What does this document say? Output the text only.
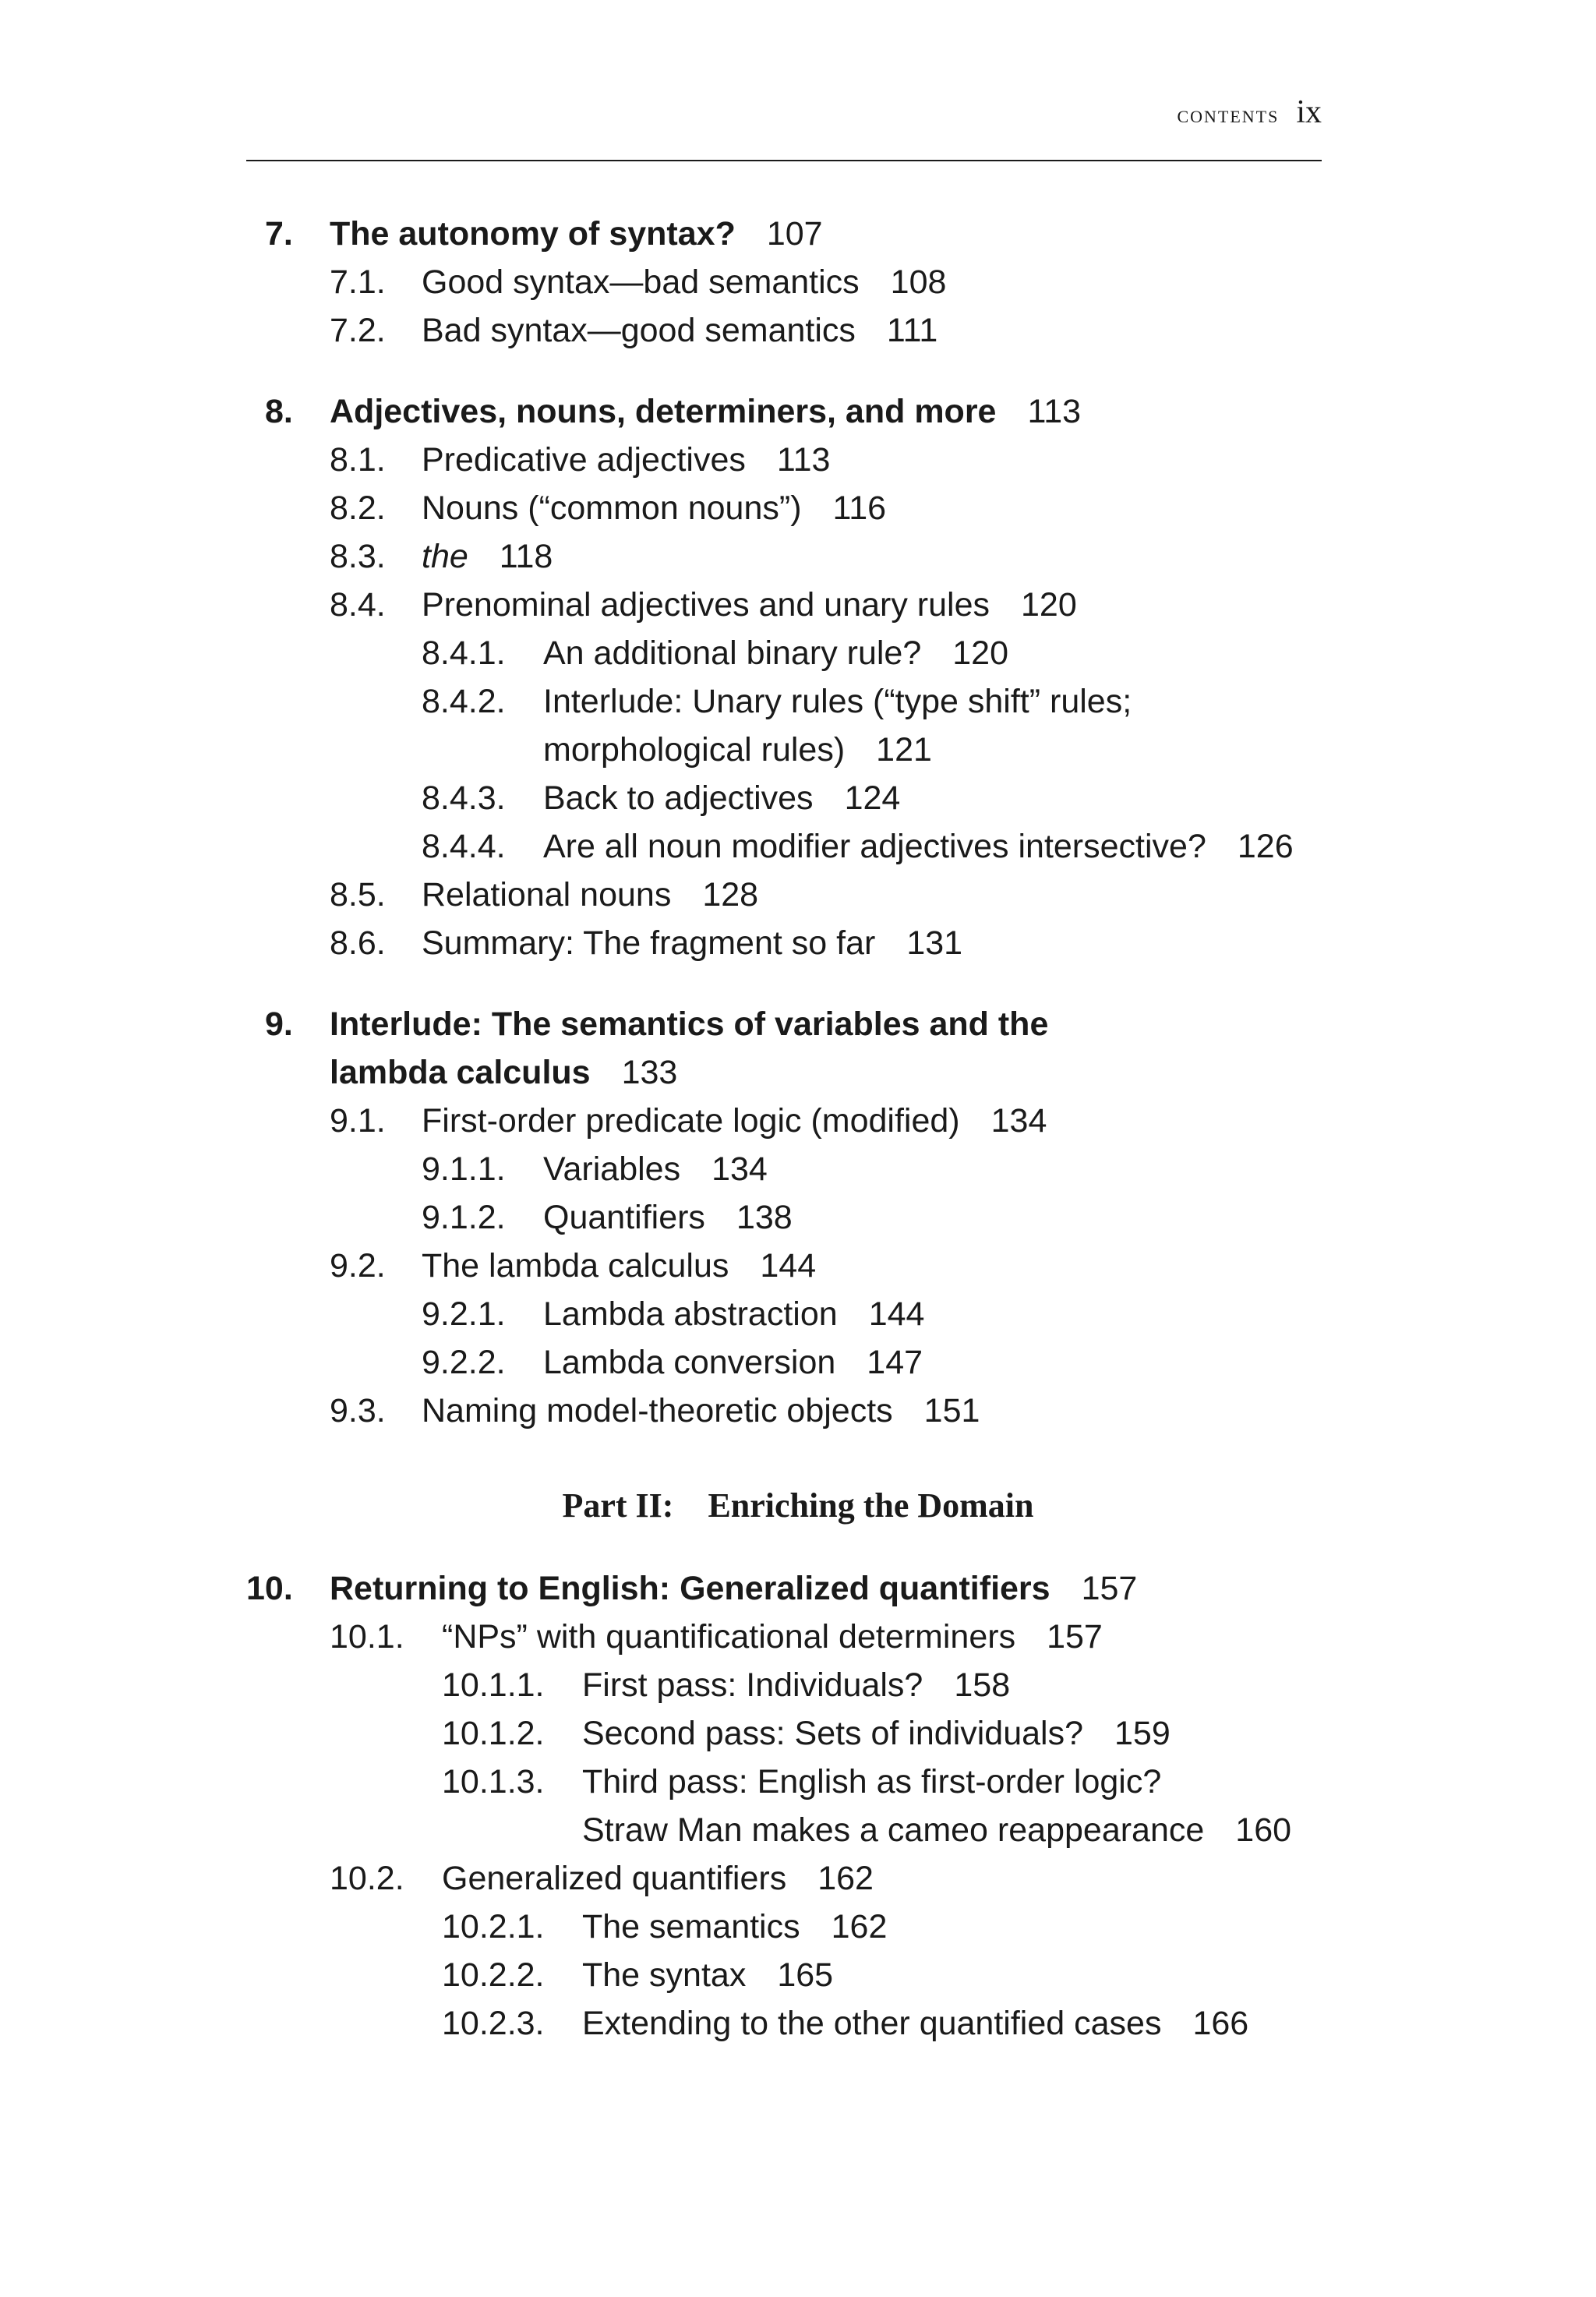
contents ix
7. The autonomy of syntax? 107
7.1. Good syntax—bad semantics 108
7.2. Bad syntax—good semantics 111
8. Adjectives, nouns, determiners, and more 113
8.1. Predicative adjectives 113
8.2. Nouns (“common nouns”) 116
8.3. the 118
8.4. Prenominal adjectives and unary rules 120
8.4.1. An additional binary rule? 120
8.4.2. Interlude: Unary rules (“type shift” rules;
morphological rules) 121
8.4.3. Back to adjectives 124
8.4.4. Are all noun modifier adjectives intersective? 126
8.5. Relational nouns 128
8.6. Summary: The fragment so far 131
9. Interlude: The semantics of variables and the
lambda calculus 133
9.1. First-order predicate logic (modified) 134
9.1.1. Variables 134
9.1.2. Quantifiers 138
9.2. The lambda calculus 144
9.2.1. Lambda abstraction 144
9.2.2. Lambda conversion 147
9.3. Naming model-theoretic objects 151
Part II: Enriching the Domain
10. Returning to English: Generalized quantifiers 157
10.1. “NPs” with quantificational determiners 157
10.1.1. First pass: Individuals? 158
10.1.2. Second pass: Sets of individuals? 159
10.1.3. Third pass: English as first-order logic?
Straw Man makes a cameo reappearance 160
10.2. Generalized quantifiers 162
10.2.1. The semantics 162
10.2.2. The syntax 165
10.2.3. Extending to the other quantified cases 166
